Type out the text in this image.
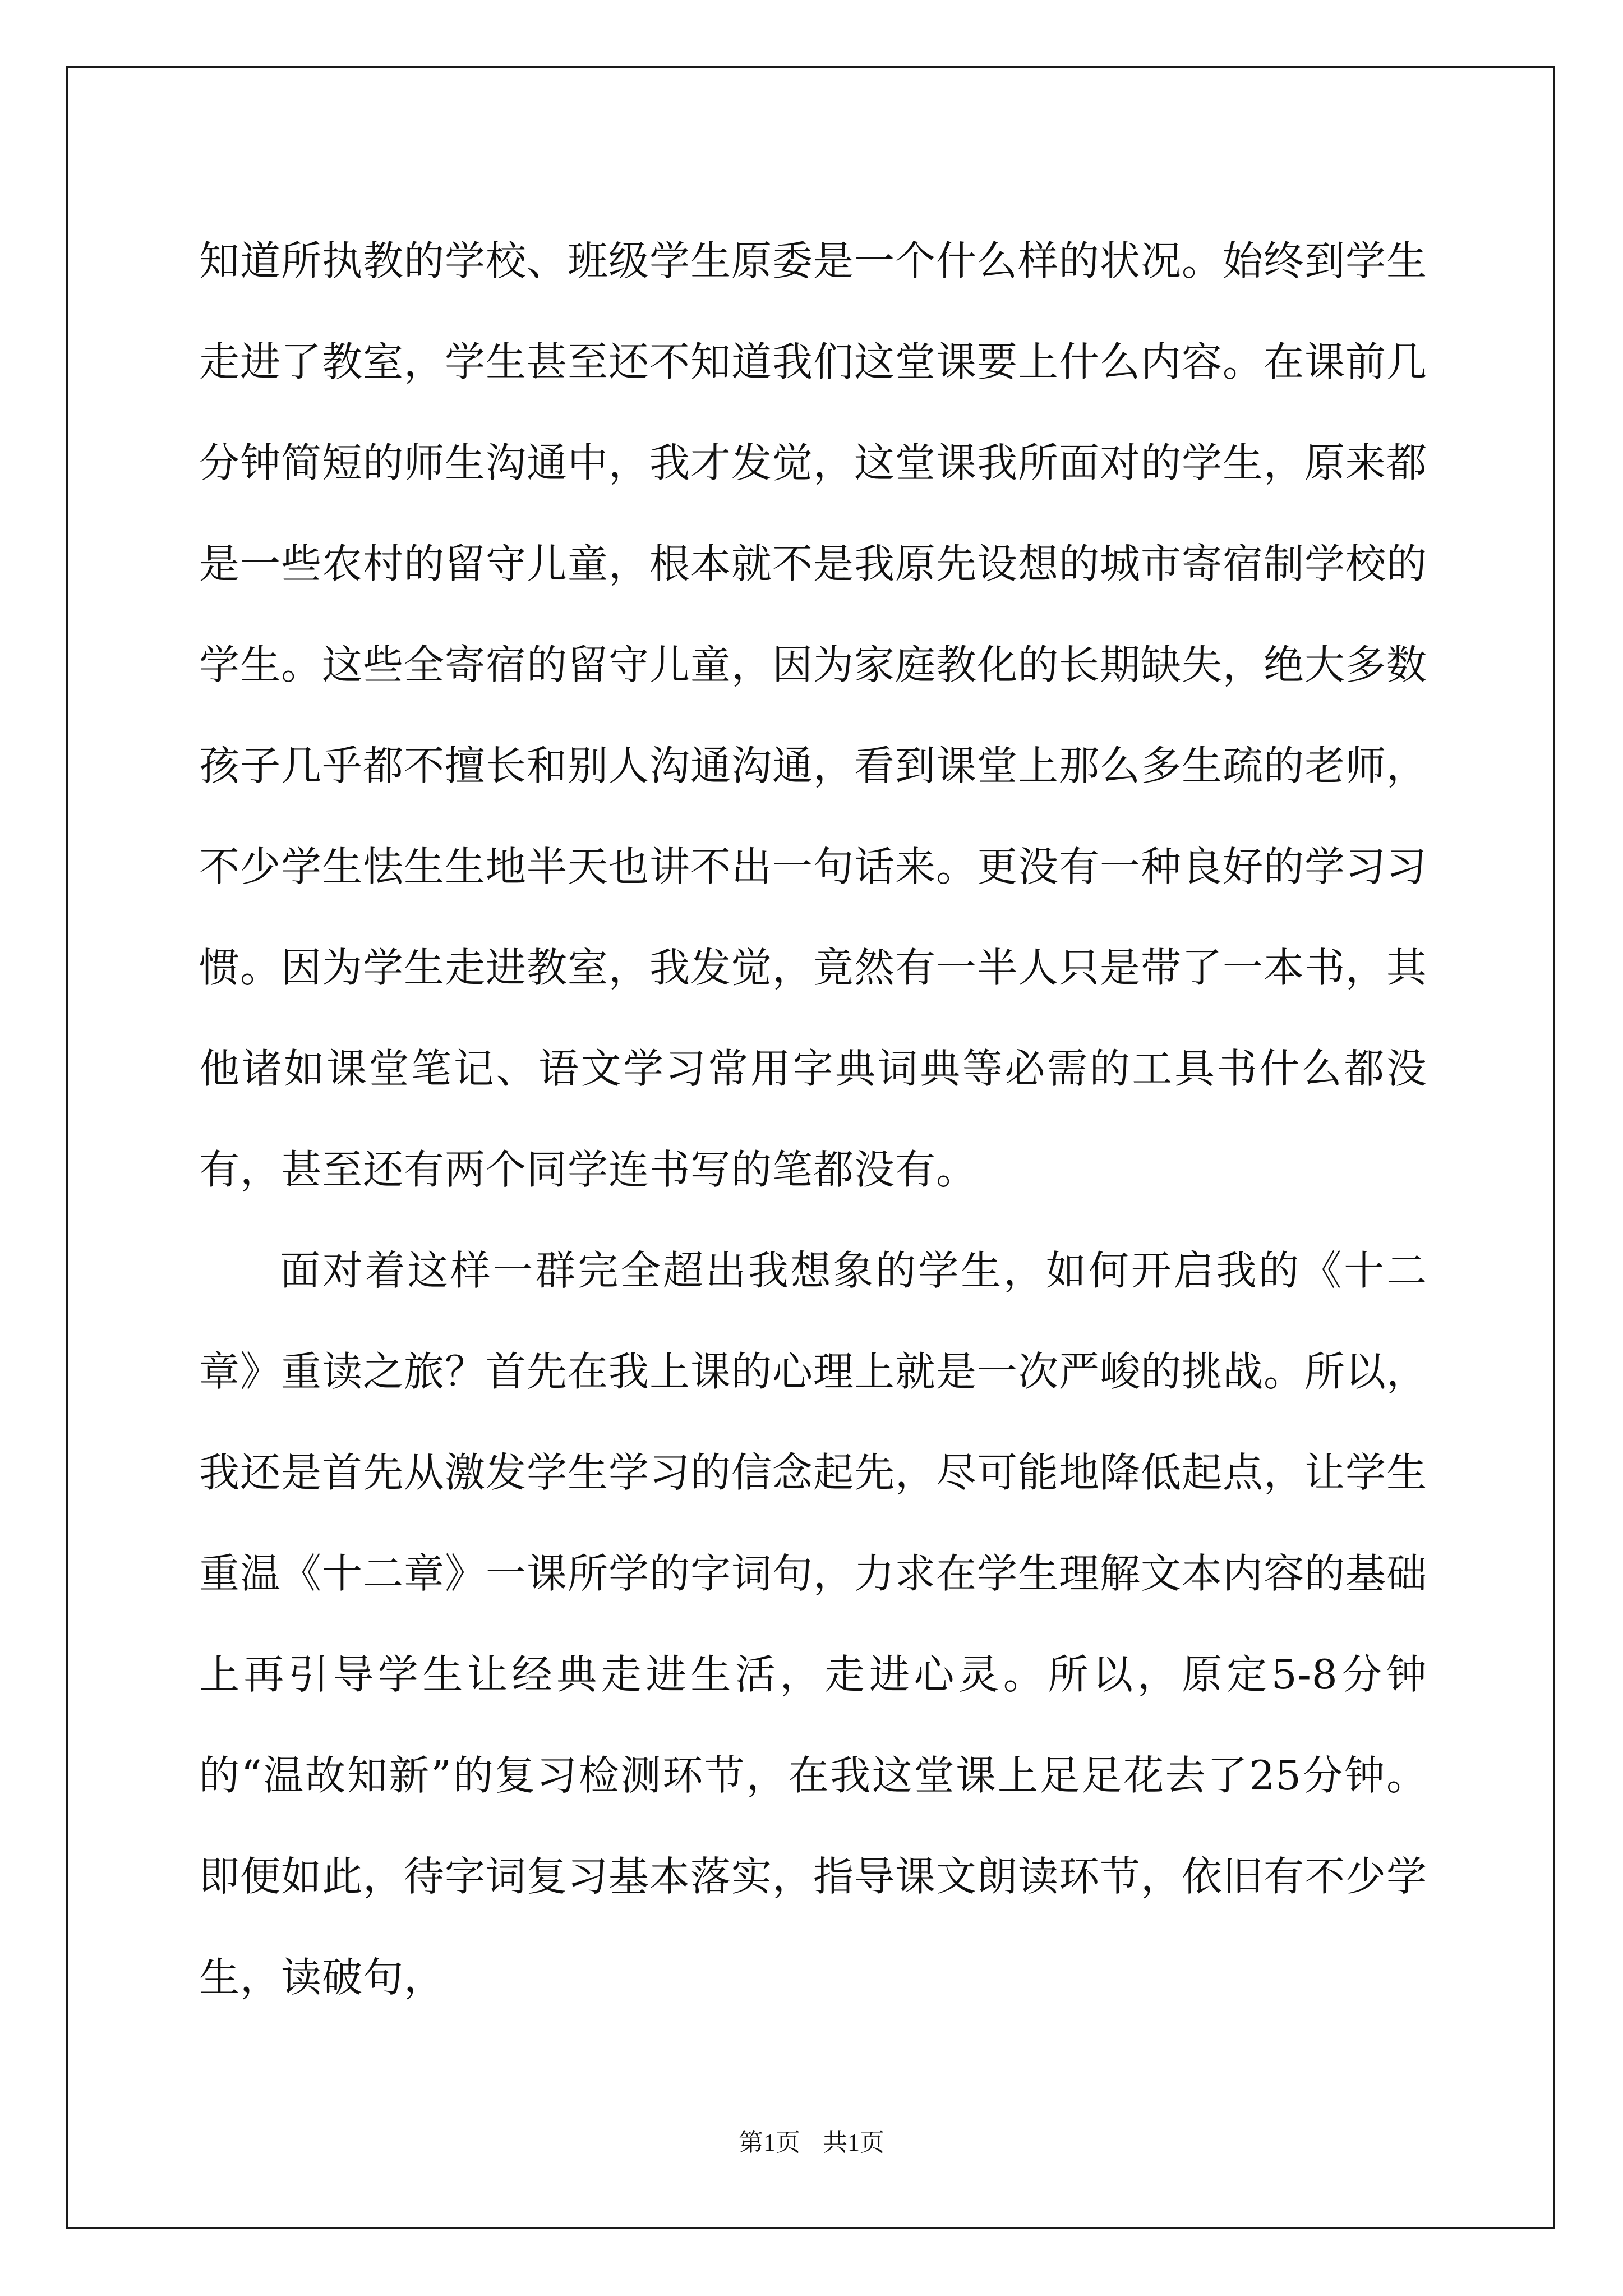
知道所执教的学校、班级学生原委是一个什么样的状况。始终到学生走进了教室，学生甚至还不知道我们这堂课要上什么内容。在课前几分钟简短的师生沟通中，我才发觉，这堂课我所面对的学生，原来都是一些农村的留守儿童，根本就不是我原先设想的城市寄宿制学校的学生。这些全寄宿的留守儿童，因为家庭教化的长期缺失，绝大多数孩子几乎都不擅长和别人沟通沟通，看到课堂上那么多生疏的老师，不少学生怯生生地半天也讲不出一句话来。更没有一种良好的学习习惯。因为学生走进教室，我发觉，竟然有一半人只是带了一本书，其他诸如课堂笔记、语文学习常用字典词典等必需的工具书什么都没有，甚至还有两个同学连书写的笔都没有。

面对着这样一群完全超出我想象的学生，如何开启我的《十二章》重读之旅？首先在我上课的心理上就是一次严峻的挑战。所以，我还是首先从激发学生学习的信念起先，尽可能地降低起点，让学生重温《十二章》一课所学的字词句，力求在学生理解文本内容的基础上再引导学生让经典走进生活，走进心灵。所以，原定5-8分钟的“温故知新”的复习检测环节，在我这堂课上足足花去了25分钟。即便如此，待字词复习基本落实，指导课文朗读环节，依旧有不少学生，读破句，

第1页 共1页
